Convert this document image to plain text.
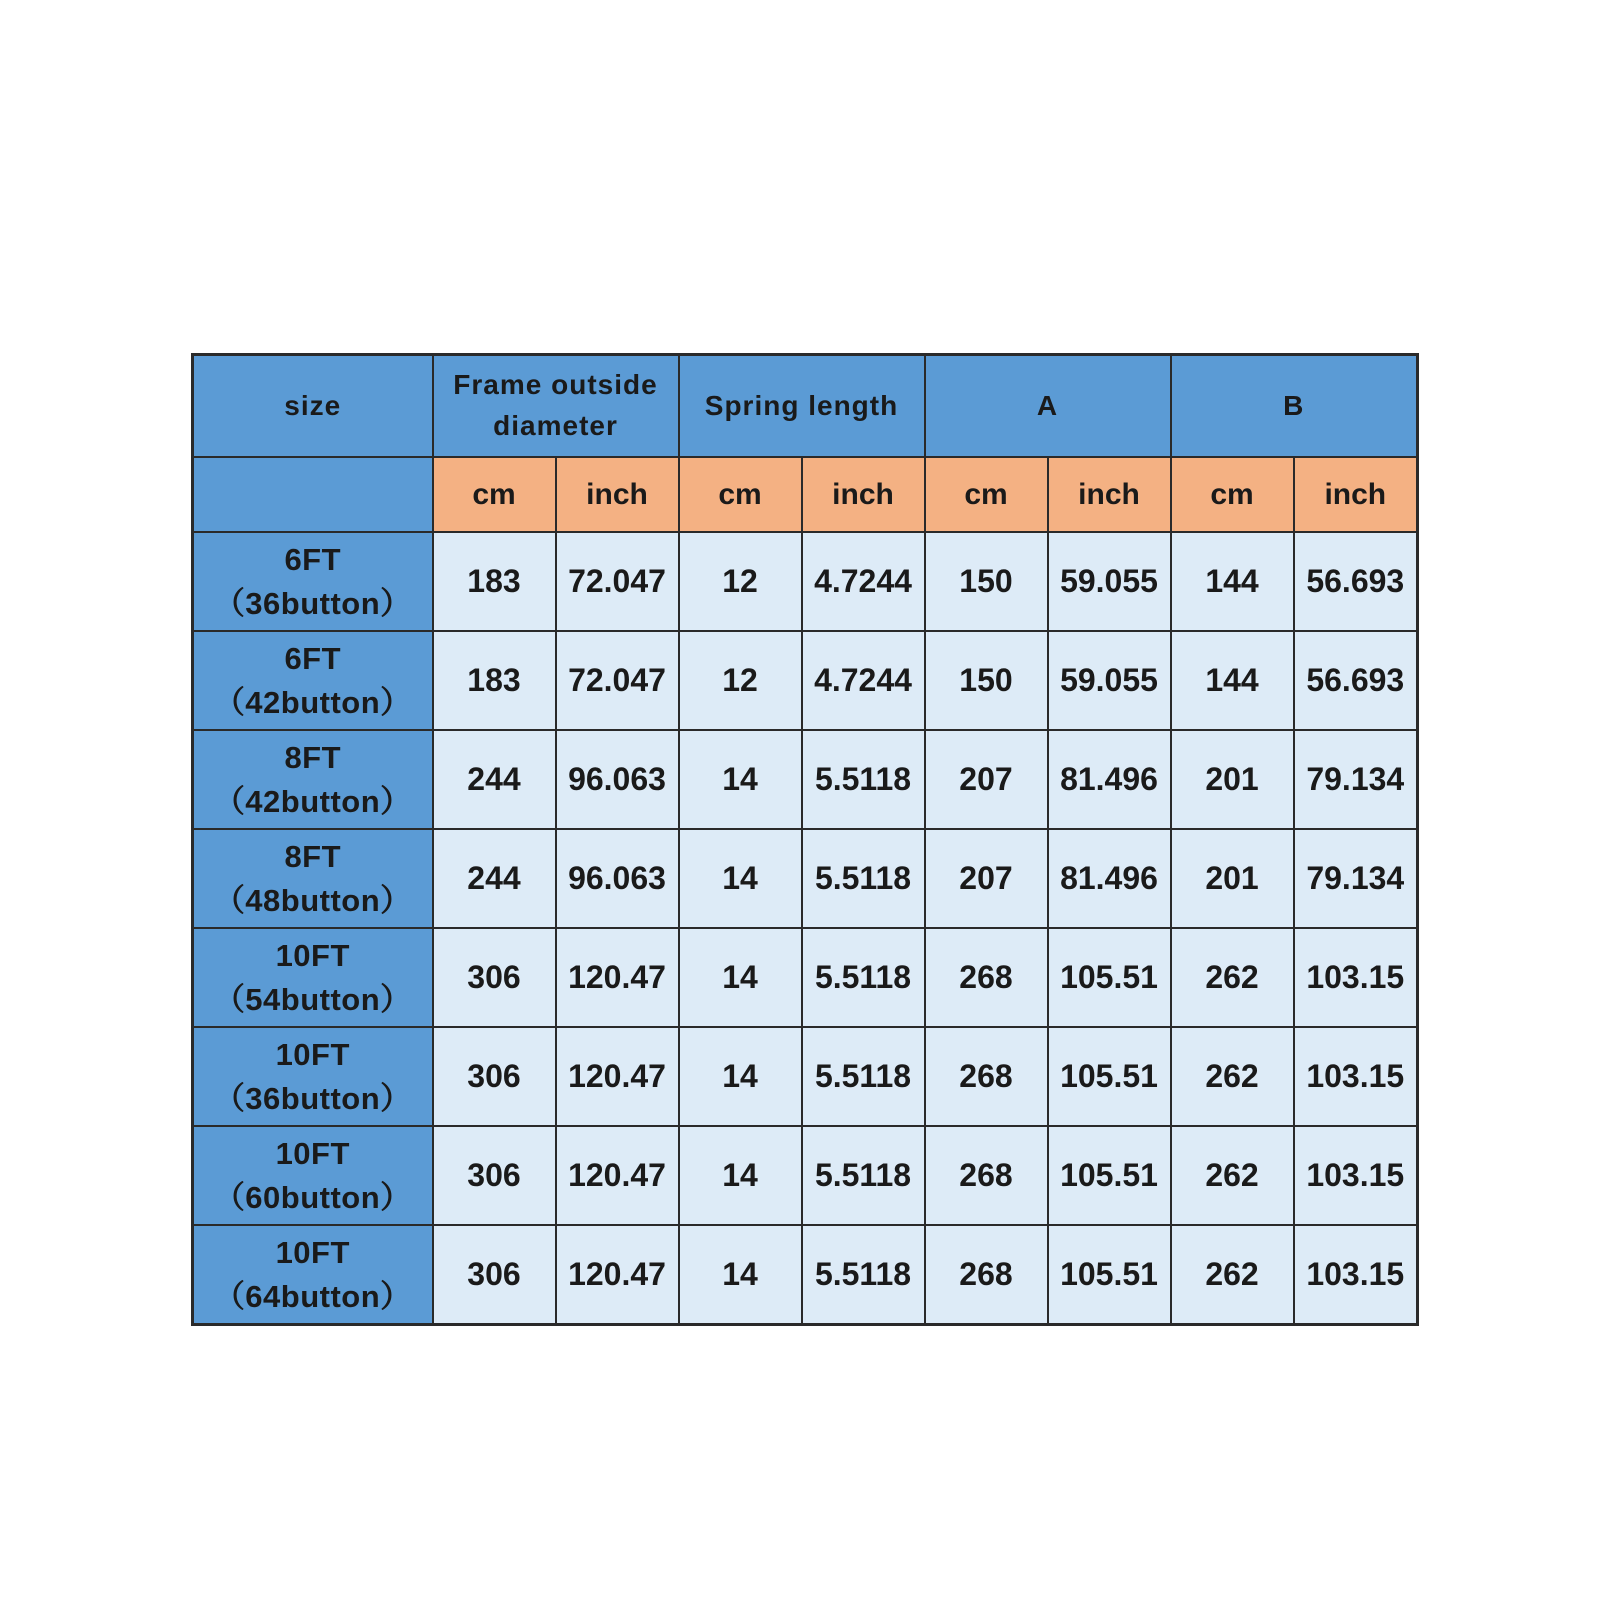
size	Frame outside diameter		Spring length		A		B	
	cm	inch	cm	inch	cm	inch	cm	inch

6FT
（36button）	183	72.047	12	4.7244	150	59.055	144	56.693

6FT
（42button）	183	72.047	12	4.7244	150	59.055	144	56.693

8FT
（42button）	244	96.063	14	5.5118	207	81.496	201	79.134

8FT
（48button）	244	96.063	14	5.5118	207	81.496	201	79.134

10FT
（54button）	306	120.47	14	5.5118	268	105.51	262	103.15

10FT
（36button）	306	120.47	14	5.5118	268	105.51	262	103.15

10FT
（60button）	306	120.47	14	5.5118	268	105.51	262	103.15

10FT
（64button）	306	120.47	14	5.5118	268	105.51	262	103.15
